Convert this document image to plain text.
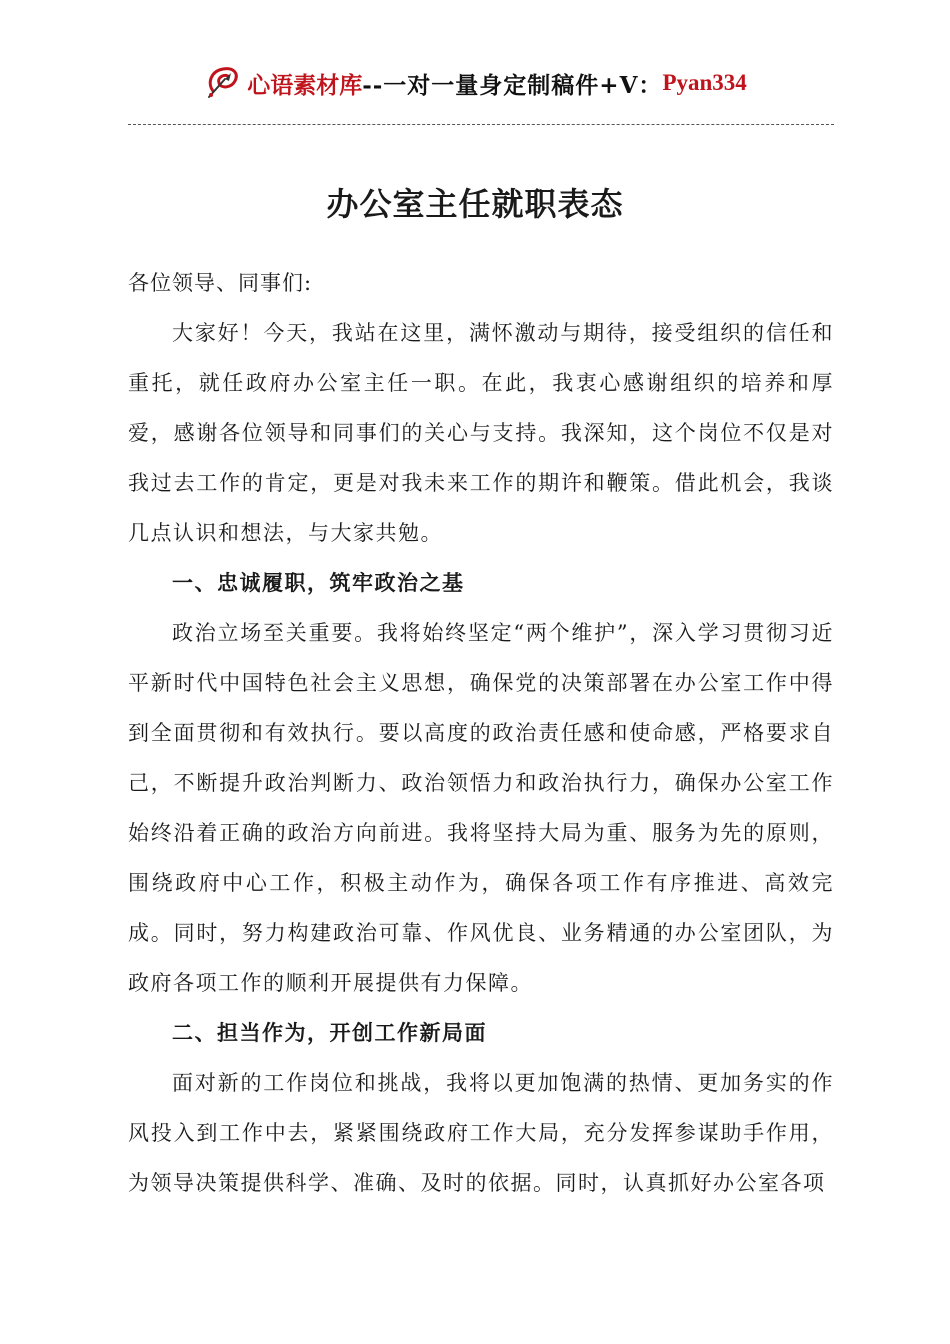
心语素材库 --一对一量身定制稿件+V： Pyan334
办公室主任就职表态

各位领导、同事们:

大家好！今天，我站在这里，满怀激动与期待，接受组织的信任和重托，就任政府办公室主任一职。在此，我衷心感谢组织的培养和厚爱，感谢各位领导和同事们的关心与支持。我深知，这个岗位不仅是对我过去工作的肯定，更是对我未来工作的期许和鞭策。借此机会，我谈几点认识和想法，与大家共勉。

一、忠诚履职，筑牢政治之基

政治立场至关重要。我将始终坚定“两个维护”，深入学习贯彻习近平新时代中国特色社会主义思想，确保党的决策部署在办公室工作中得到全面贯彻和有效执行。要以高度的政治责任感和使命感，严格要求自己，不断提升政治判断力、政治领悟力和政治执行力，确保办公室工作始终沿着正确的政治方向前进。我将坚持大局为重、服务为先的原则，围绕政府中心工作，积极主动作为，确保各项工作有序推进、高效完成。同时，努力构建政治可靠、作风优良、业务精通的办公室团队，为政府各项工作的顺利开展提供有力保障。

二、担当作为，开创工作新局面

面对新的工作岗位和挑战，我将以更加饱满的热情、更加务实的作风投入到工作中去，紧紧围绕政府工作大局，充分发挥参谋助手作用，为领导决策提供科学、准确、及时的依据。同时，认真抓好办公室各项
